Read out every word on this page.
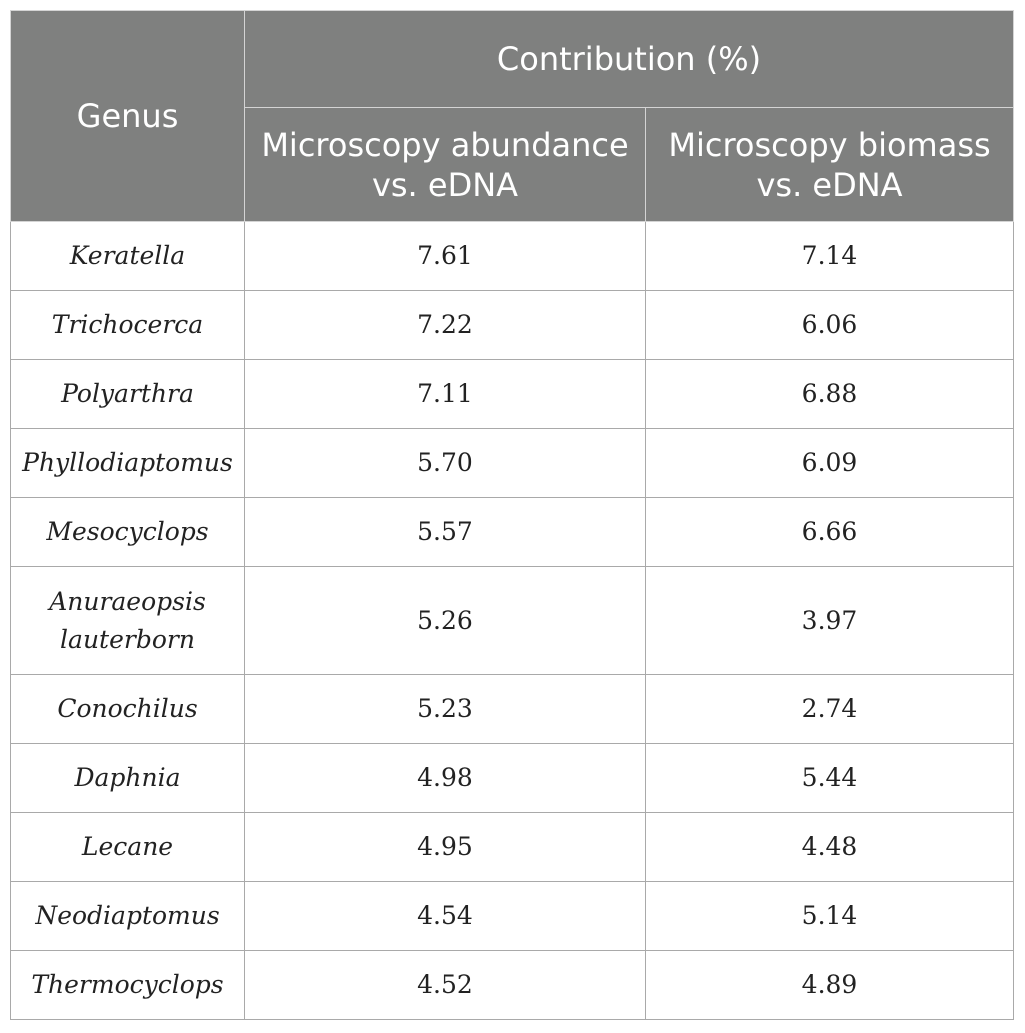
Genus	Contribution (%)	
	Microscopy abundance vs. eDNA	Microscopy biomass vs. eDNA
Keratella	7.61	7.14
Trichocerca	7.22	6.06
Polyarthra	7.11	6.88
Phyllodiaptomus	5.70	6.09
Mesocyclops	5.57	6.66
Anuraeopsis lauterborn	5.26	3.97
Conochilus	5.23	2.74
Daphnia	4.98	5.44
Lecane	4.95	4.48
Neodiaptomus	4.54	5.14
Thermocyclops	4.52	4.89
